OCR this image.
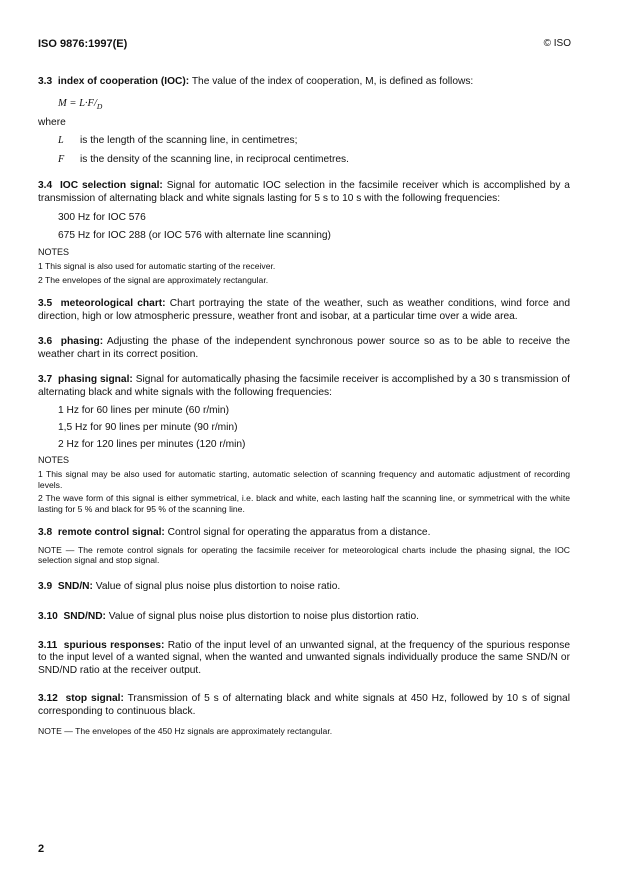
ISO 9876:1997(E)	© ISO

3.3 index of cooperation (IOC): The value of the index of cooperation, M, is defined as follows:

$M = L\cdot F/_D$

where

L	is the length of the scanning line, in centimetres;
F	is the density of the scanning line, in reciprocal centimetres.

3.4 IOC selection signal: Signal for automatic IOC selection in the facsimile receiver which is accomplished by a transmission of alternating black and white signals lasting for 5 s to 10 s with the following frequencies:

300 Hz for IOC 576

675 Hz for IOC 288 (or IOC 576 with alternate line scanning)

NOTES

1 This signal is also used for automatic starting of the receiver.

2 The envelopes of the signal are approximately rectangular.

3.5 meteorological chart: Chart portraying the state of the weather, such as weather conditions, wind force and direction, high or low atmospheric pressure, weather front and isobar, at a particular time over a wide area.

3.6 phasing: Adjusting the phase of the independent synchronous power source so as to be able to receive the weather chart in its correct position.

3.7 phasing signal: Signal for automatically phasing the facsimile receiver is accomplished by a 30 s transmission of alternating black and white signals with the following frequencies:

1 Hz for 60 lines per minute (60 r/min)

1,5 Hz for 90 lines per minute (90 r/min)

2 Hz for 120 lines per minutes (120 r/min)

NOTES

1 This signal may be also used for automatic starting, automatic selection of scanning frequency and automatic adjustment of recording levels.

2 The wave form of this signal is either symmetrical, i.e. black and white, each lasting half the scanning line, or symmetrical with the white lasting for 5 % and black for 95 % of the scanning line.

3.8 remote control signal: Control signal for operating the apparatus from a distance.

NOTE — The remote control signals for operating the facsimile receiver for meteorological charts include the phasing signal, the IOC selection signal and stop signal.

3.9 SND/N: Value of signal plus noise plus distortion to noise ratio.

3.10 SND/ND: Value of signal plus noise plus distortion to noise plus distortion ratio.

3.11 spurious responses: Ratio of the input level of an unwanted signal, at the frequency of the spurious response to the input level of a wanted signal, when the wanted and unwanted signals individually produce the same SND/N or SND/ND ratio at the receiver output.

3.12 stop signal: Transmission of 5 s of alternating black and white signals at 450 Hz, followed by 10 s of signal corresponding to continuous black.

NOTE — The envelopes of the 450 Hz signals are approximately rectangular.

2
